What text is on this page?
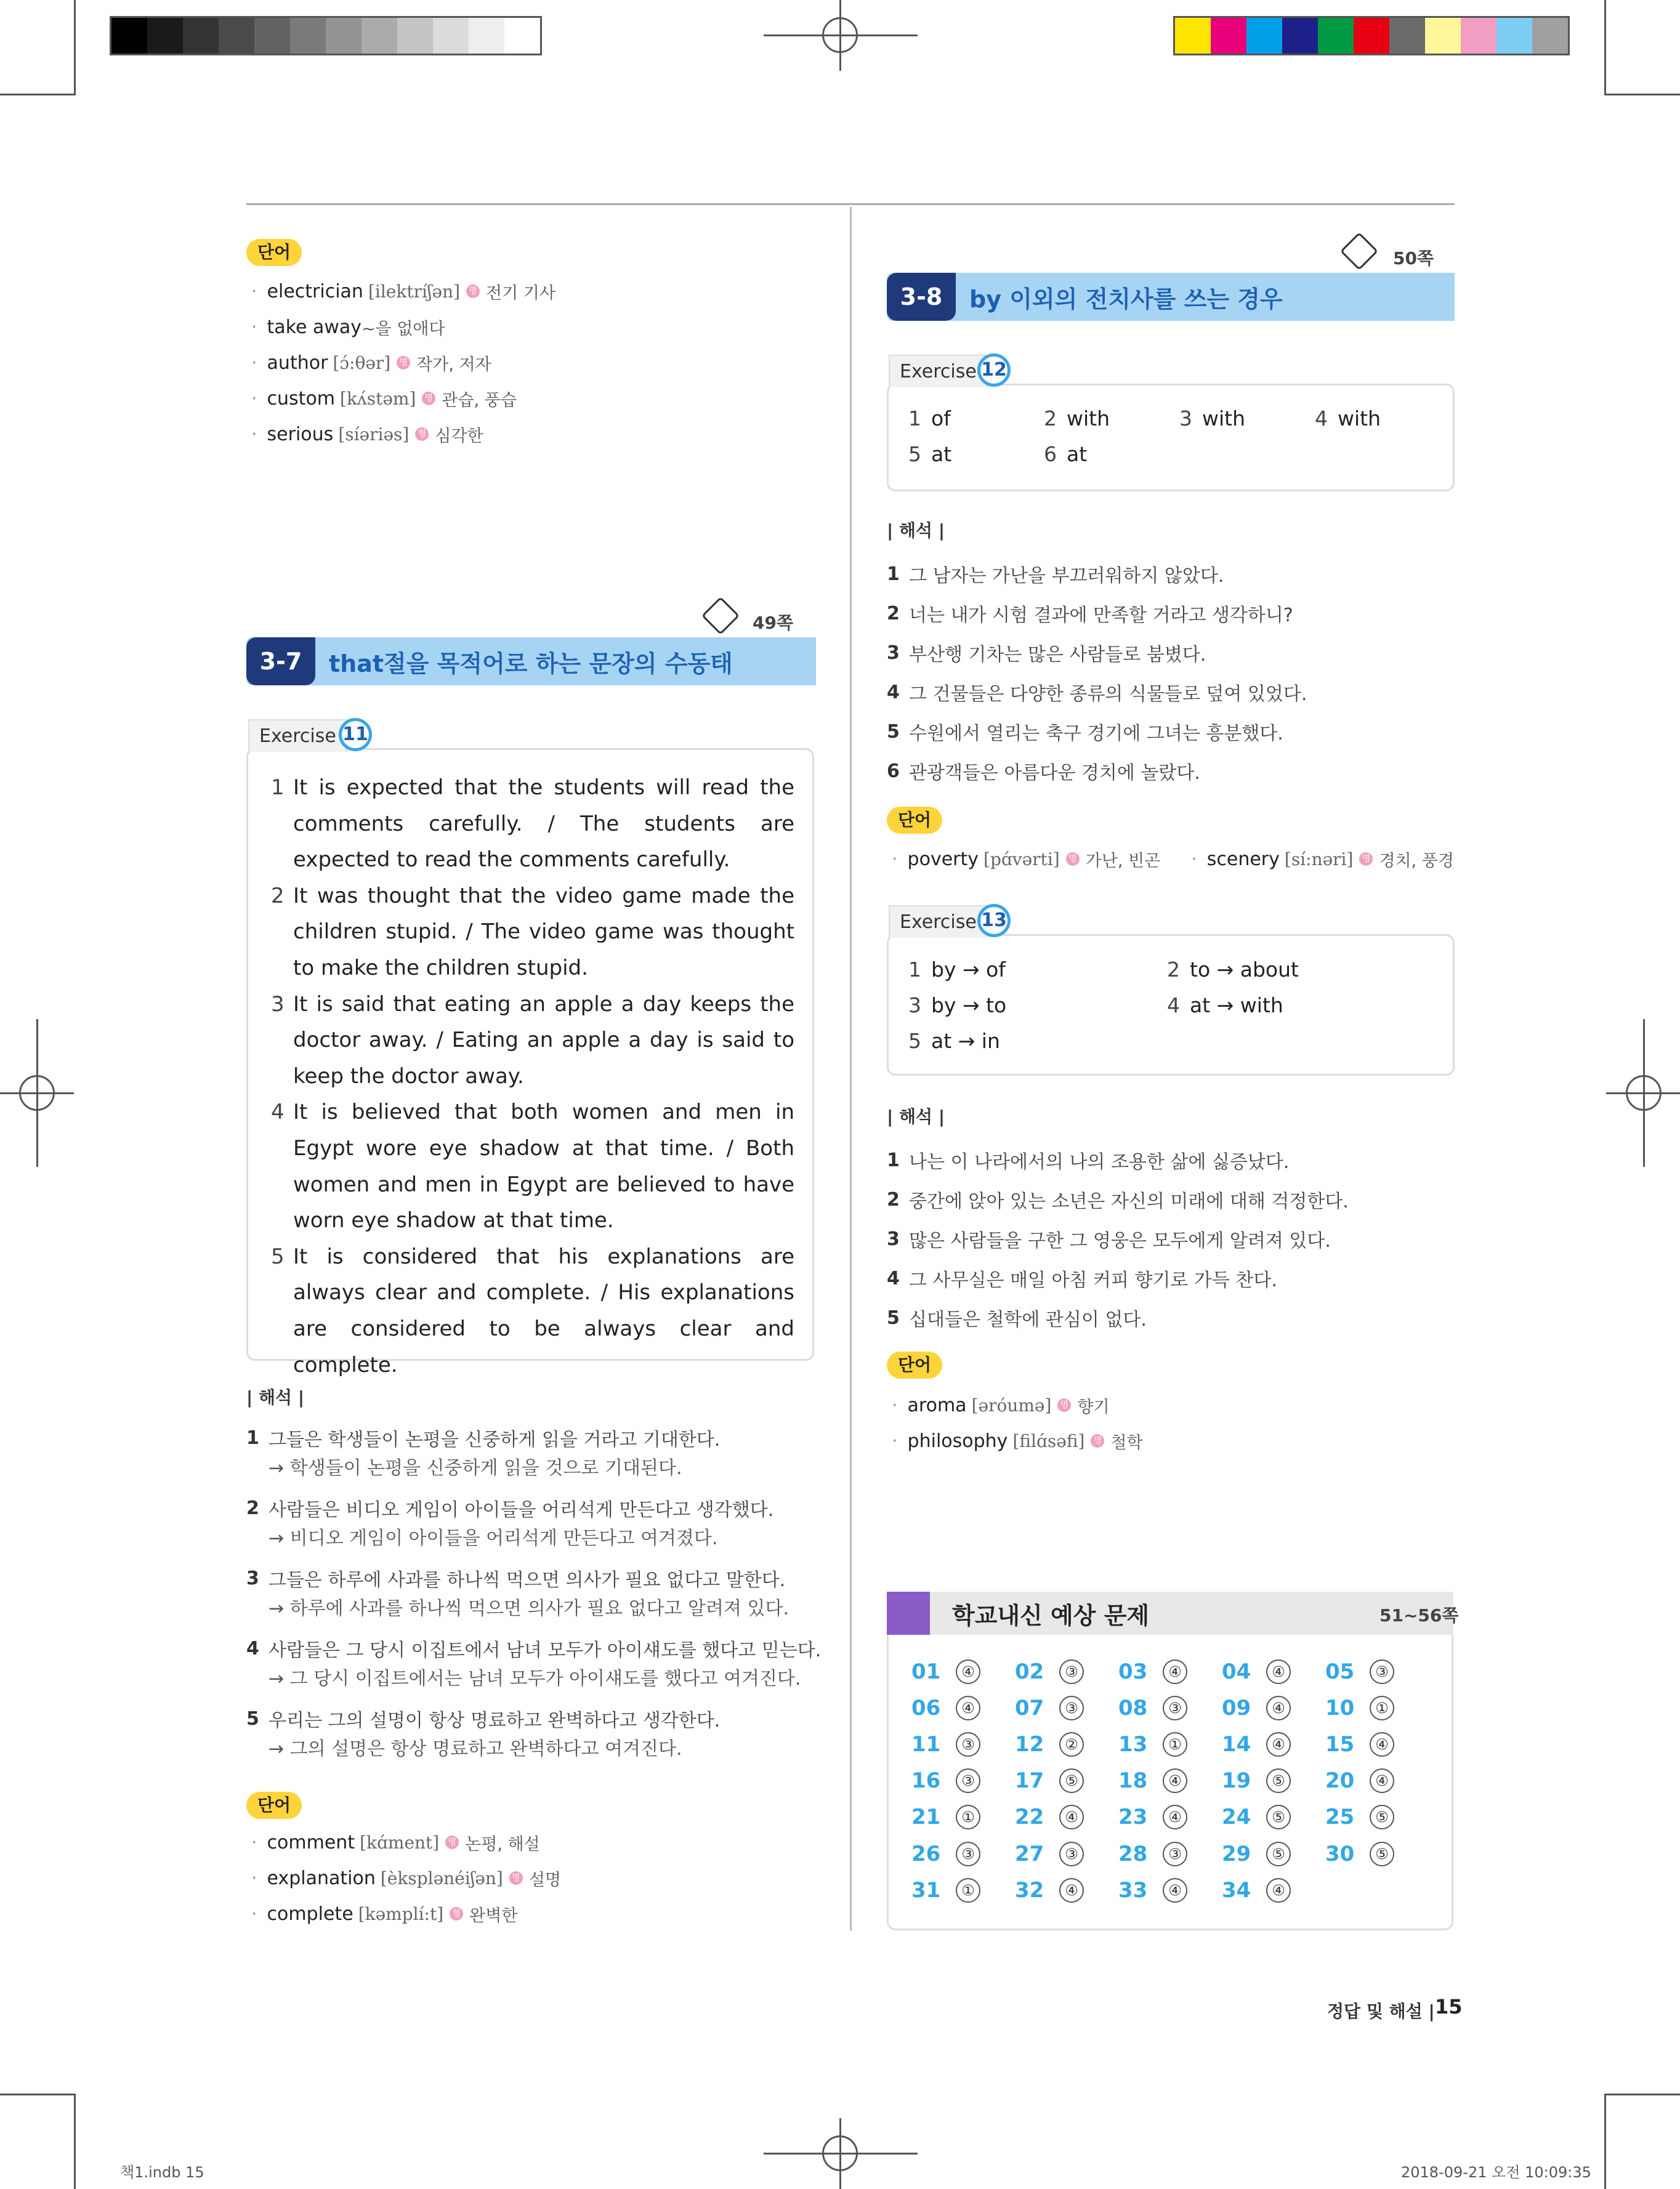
단어
· electrician [ilektríʃən]	명 전기 기사
· take away ~을 없애다
· author [ɔ́:θər]	명 작가, 저자
· custom [kʌ́stəm]	명 관습, 풍습
· serious [síəriəs]	형 심각한
49쪽
3-7	that절을 목적어로 하는 문장의 수동태
Exercise 11
1 It is expected that the students will read the comments carefully. / The students are expected to read the comments carefully.
2 It was thought that the video game made the children stupid. / The video game was thought to make the children stupid.
3 It is said that eating an apple a day keeps the doctor away. / Eating an apple a day is said to keep the doctor away.
4 It is believed that both women and men in Egypt wore eye shadow at that time. / Both women and men in Egypt are believed to have worn eye shadow at that time.
5 It is considered that his explanations are always clear and complete. / His explanations are considered to be always clear and complete.
| 해석 |
1 그들은 학생들이 논평을 신중하게 읽을 거라고 기대한다.
→ 학생들이 논평을 신중하게 읽을 것으로 기대된다.
2 사람들은 비디오 게임이 아이들을 어리석게 만든다고 생각했다.
→ 비디오 게임이 아이들을 어리석게 만든다고 여겨졌다.
3 그들은 하루에 사과를 하나씩 먹으면 의사가 필요 없다고 말한다.
→ 하루에 사과를 하나씩 먹으면 의사가 필요 없다고 알려져 있다.
4 사람들은 그 당시 이집트에서 남녀 모두가 아이섀도를 했다고 믿는다.
→ 그 당시 이집트에서는 남녀 모두가 아이섀도를 했다고 여겨진다.
5 우리는 그의 설명이 항상 명료하고 완벽하다고 생각한다.
→ 그의 설명은 항상 명료하고 완벽하다고 여겨진다.
단어
· comment [kɑ́ment]	명 논평, 해설
· explanation [èksplənéiʃən]	명 설명
· complete [kəmplí:t]	형 완벽한
50쪽
3-8	by 이외의 전치사를 쓰는 경우
Exercise 12
1 of	2 with	3 with	4 with
5 at	6 at
| 해석 |
1 그 남자는 가난을 부끄러워하지 않았다.
2 너는 내가 시험 결과에 만족할 거라고 생각하니?
3 부산행 기차는 많은 사람들로 붐볐다.
4 그 건물들은 다양한 종류의 식물들로 덮여 있었다.
5 수원에서 열리는 축구 경기에 그녀는 흥분했다.
6 관광객들은 아름다운 경치에 놀랐다.
단어
· poverty [pɑ́vərti]	명 가난, 빈곤 · scenery [sí:nəri]	명 경치, 풍경
Exercise 13
1 by → of	2 to → about
3 by → to	4 at → with
5 at → in
| 해석 |
1 나는 이 나라에서의 나의 조용한 삶에 싫증났다.
2 중간에 앉아 있는 소년은 자신의 미래에 대해 걱정한다.
3 많은 사람들을 구한 그 영웅은 모두에게 알려져 있다.
4 그 사무실은 매일 아침 커피 향기로 가득 찬다.
5 십대들은 철학에 관심이 없다.
단어
· aroma [əróumə]	명 향기
· philosophy [filɑ́səfi]	명 철학
학교내신 예상 문제	51~56쪽
01	④ 02	③ 03	④ 04	④ 05	③
06	④ 07	③ 08	③ 09	④ 10	①
11	③ 12	② 13	① 14	④ 15	④
16	③ 17	⑤ 18	④ 19	⑤ 20	④
21	① 22	④ 23	④ 24	⑤ 25	⑤
26	③ 27	③ 28	③ 29	⑤ 30	⑤
31	① 32	④ 33	④ 34	④
정답 및 해설 | 15
책1.indb 15	2018-09-21 오전 10:09:35
